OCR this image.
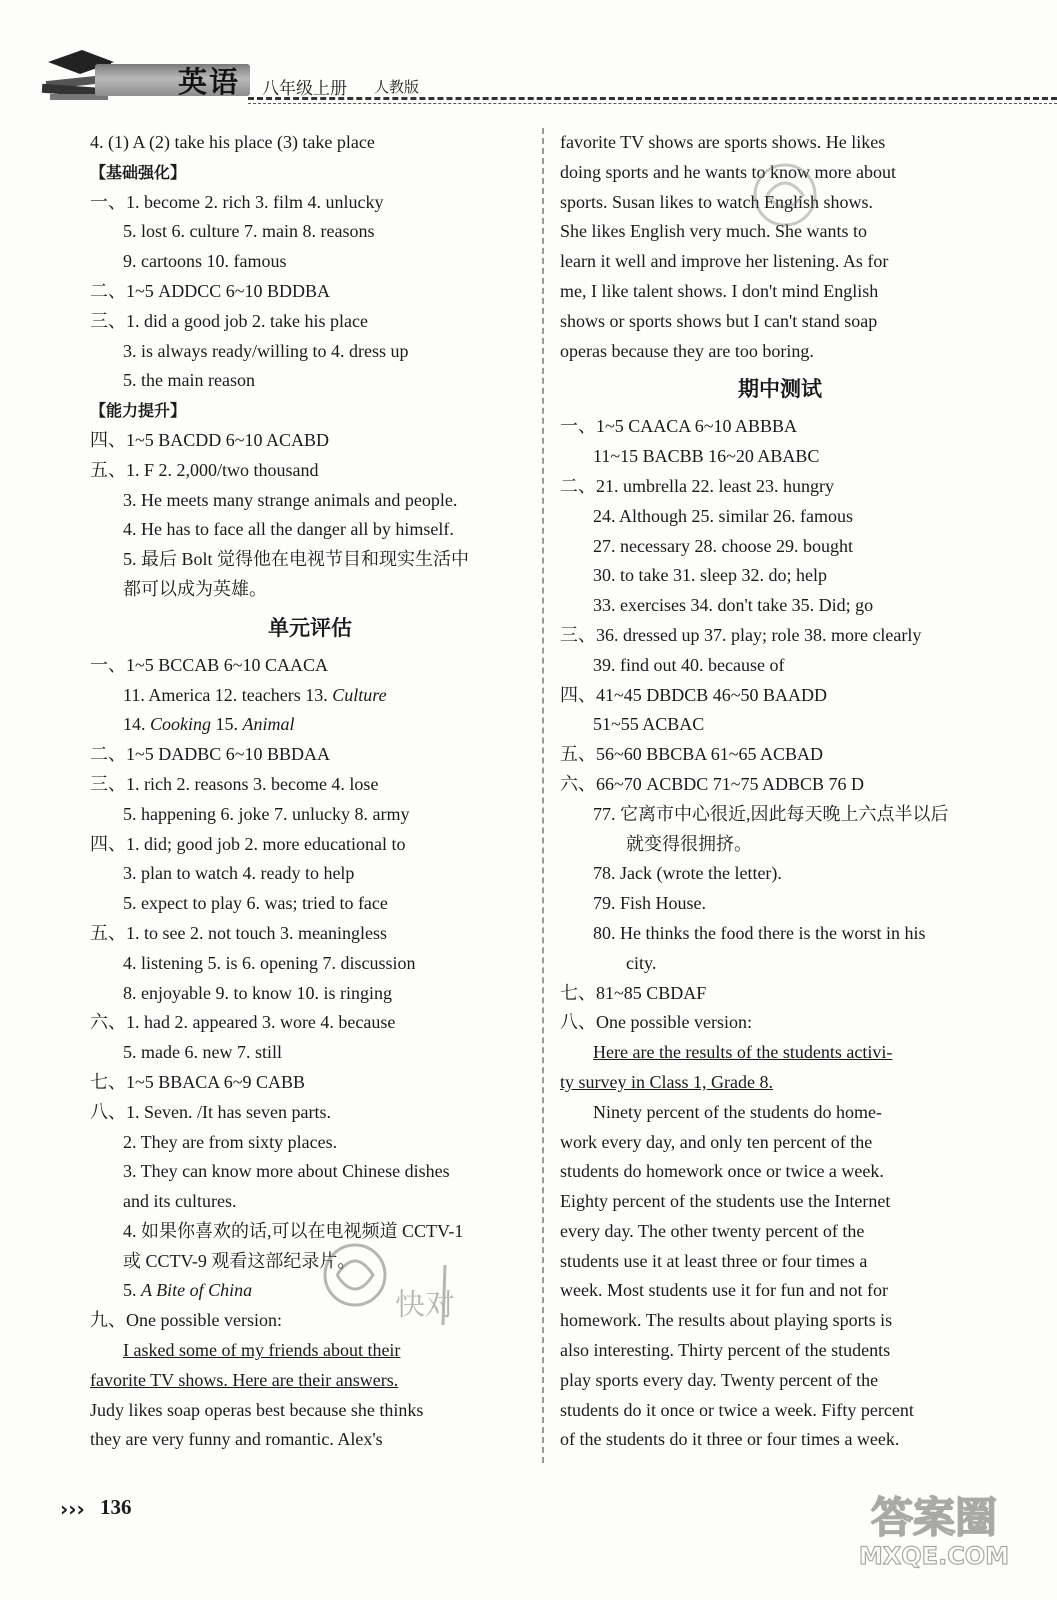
英语 八年级上册 人教版
4. (1) A (2) take his place (3) take place
【基础强化】
一、1. become 2. rich 3. film 4. unlucky
5. lost 6. culture 7. main 8. reasons
9. cartoons 10. famous
二、1~5 ADDCC 6~10 BDDBA
三、1. did a good job 2. take his place
3. is always ready/willing to 4. dress up
5. the main reason
【能力提升】
四、1~5 BACDD 6~10 ACABD
五、1. F 2. 2,000/two thousand
3. He meets many strange animals and people.
4. He has to face all the danger all by himself.
5. 最后 Bolt 觉得他在电视节目和现实生活中
都可以成为英雄。
单元评估
一、1~5 BCCAB 6~10 CAACA
11. America 12. teachers 13. Culture
14. Cooking 15. Animal
二、1~5 DADBC 6~10 BBDAA
三、1. rich 2. reasons 3. become 4. lose
5. happening 6. joke 7. unlucky 8. army
四、1. did; good job 2. more educational to
3. plan to watch 4. ready to help
5. expect to play 6. was; tried to face
五、1. to see 2. not touch 3. meaningless
4. listening 5. is 6. opening 7. discussion
8. enjoyable 9. to know 10. is ringing
六、1. had 2. appeared 3. wore 4. because
5. made 6. new 7. still
七、1~5 BBACA 6~9 CABB
八、1. Seven. /It has seven parts.
2. They are from sixty places.
3. They can know more about Chinese dishes
and its cultures.
4. 如果你喜欢的话,可以在电视频道 CCTV-1
或 CCTV-9 观看这部纪录片。
5. A Bite of China
九、One possible version:
I asked some of my friends about their
favorite TV shows. Here are their answers.
Judy likes soap operas best because she thinks
they are very funny and romantic. Alex's
favorite TV shows are sports shows. He likes
doing sports and he wants to know more about
sports. Susan likes to watch English shows.
She likes English very much. She wants to
learn it well and improve her listening. As for
me, I like talent shows. I don't mind English
shows or sports shows but I can't stand soap
operas because they are too boring.
期中测试
一、1~5 CAACA 6~10 ABBBA
11~15 BACBB 16~20 ABABC
二、21. umbrella 22. least 23. hungry
24. Although 25. similar 26. famous
27. necessary 28. choose 29. bought
30. to take 31. sleep 32. do; help
33. exercises 34. don't take 35. Did; go
三、36. dressed up 37. play; role 38. more clearly
39. find out 40. because of
四、41~45 DBDCB 46~50 BAADD
51~55 ACBAC
五、56~60 BBCBA 61~65 ACBAD
六、66~70 ACBDC 71~75 ADBCB 76 D
77. 它离市中心很近,因此每天晚上六点半以后
就变得很拥挤。
78. Jack (wrote the letter).
79. Fish House.
80. He thinks the food there is the worst in his
city.
七、81~85 CBDAF
八、One possible version:
Here are the results of the students activi-
ty survey in Class 1, Grade 8.
Ninety percent of the students do home-
work every day, and only ten percent of the
students do homework once or twice a week.
Eighty percent of the students use the Internet
every day. The other twenty percent of the
students use it at least three or four times a
week. Most students use it for fun and not for
homework. The results about playing sports is
also interesting. Thirty percent of the students
play sports every day. Twenty percent of the
students do it once or twice a week. Fifty percent
of the students do it three or four times a week.
快对
››› 136	答案圈
MXQE.COM
